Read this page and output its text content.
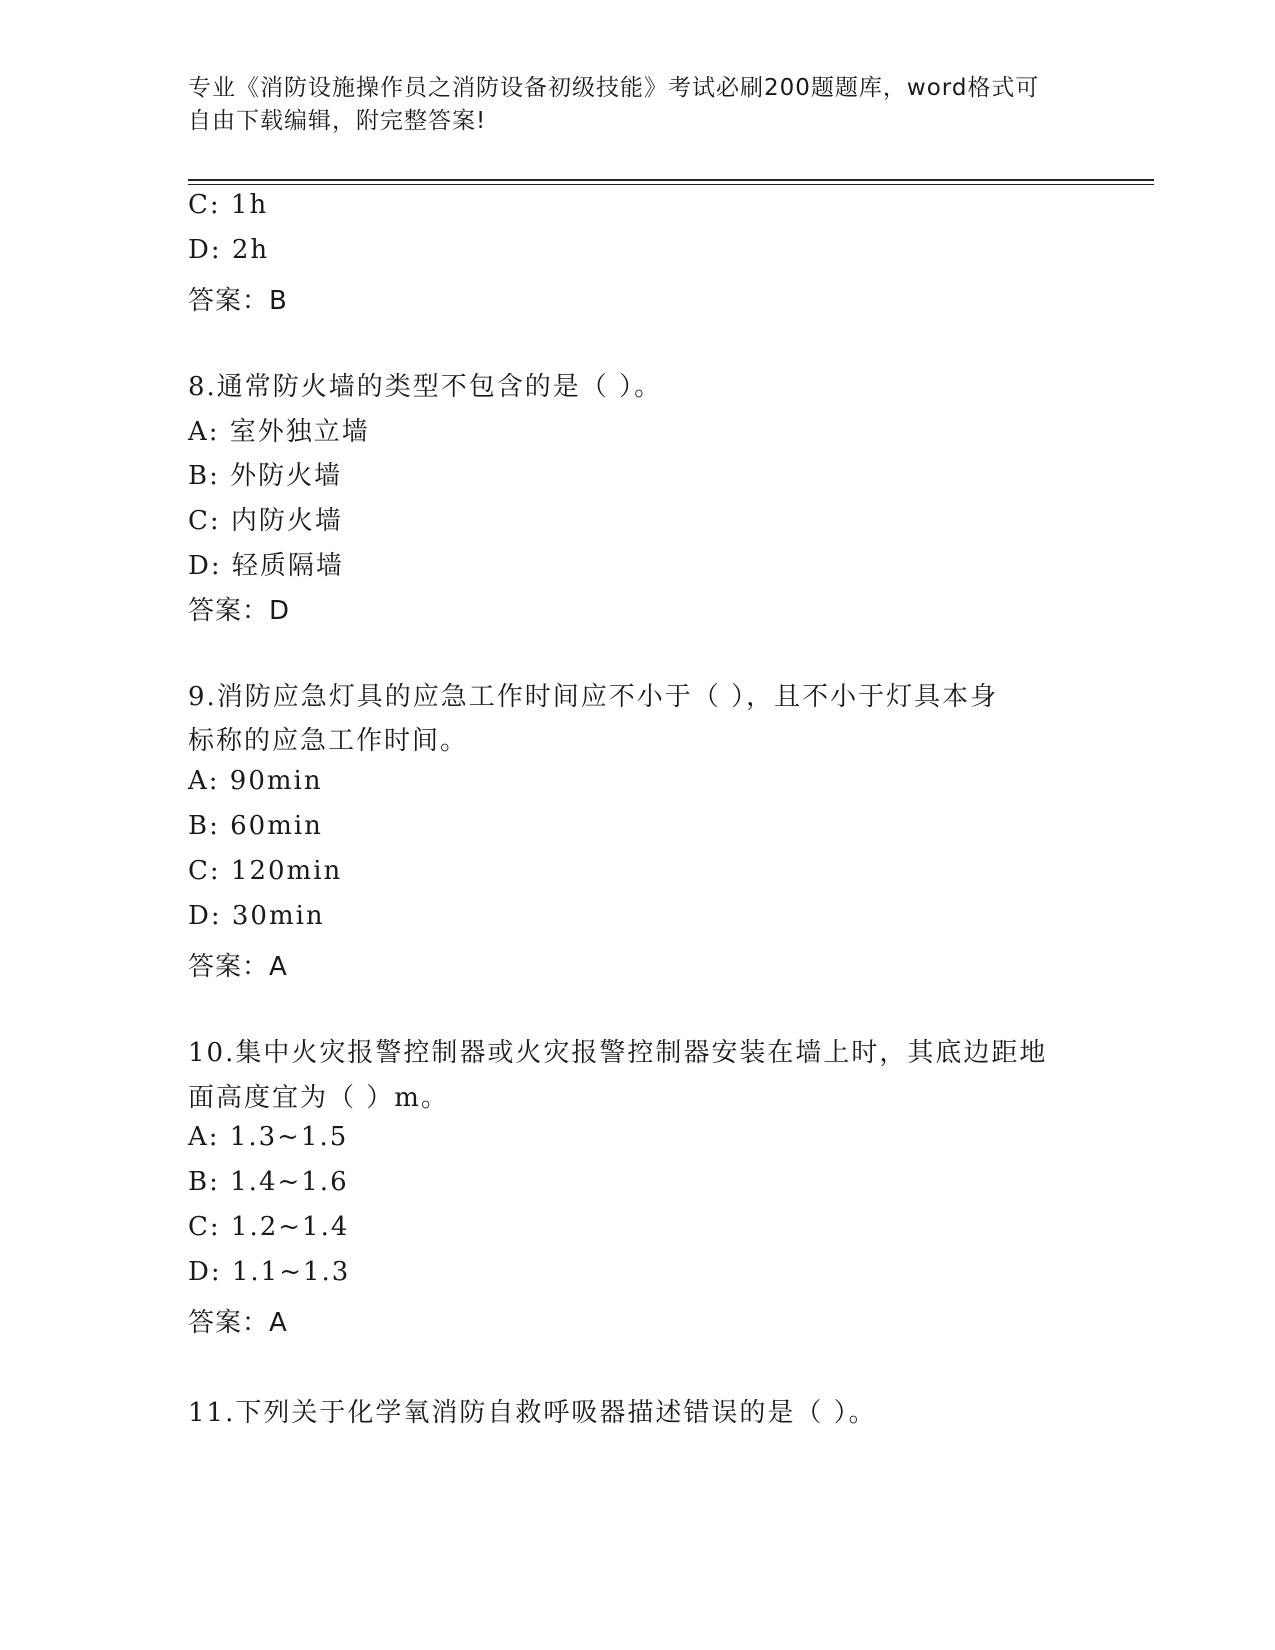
专业《消防设施操作员之消防设备初级技能》考试必刷200题题库，word格式可
自由下载编辑，附完整答案!
C: 1h
D: 2h
答案：B
8.通常防火墙的类型不包含的是（ ）。
A: 室外独立墙
B: 外防火墙
C: 内防火墙
D: 轻质隔墙
答案：D
9.消防应急灯具的应急工作时间应不小于（ ），且不小于灯具本身
标称的应急工作时间。
A: 90min
B: 60min
C: 120min
D: 30min
答案：A
10.集中火灾报警控制器或火灾报警控制器安装在墙上时，其底边距地
面高度宜为（ ）m。
A: 1.3~1.5
B: 1.4~1.6
C: 1.2~1.4
D: 1.1~1.3
答案：A
11.下列关于化学氧消防自救呼吸器描述错误的是（ ）。
